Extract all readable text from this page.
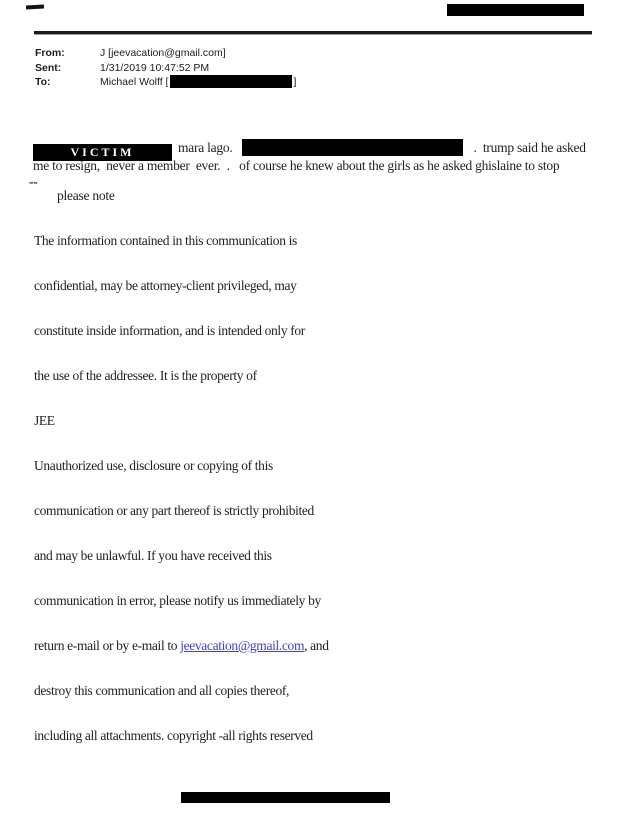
From:	J [jeevacation@gmail.com]
Sent:	1/31/2019 10:47:52 PM
To:	Michael Wolff [	]
VICTIM	mara lago.	.  trump said he asked
me to resign,  never a member  ever.  .   of course he knew about the girls as he asked ghislaine to stop
--
please note

The information contained in this communication is

confidential, may be attorney-client privileged, may

constitute inside information, and is intended only for

the use of the addressee. It is the property of

JEE

Unauthorized use, disclosure or copying of this

communication or any part thereof is strictly prohibited

and may be unlawful. If you have received this

communication in error, please notify us immediately by

return e-mail or by e-mail to jeevacation@gmail.com, and

destroy this communication and all copies thereof,

including all attachments. copyright -all rights reserved
